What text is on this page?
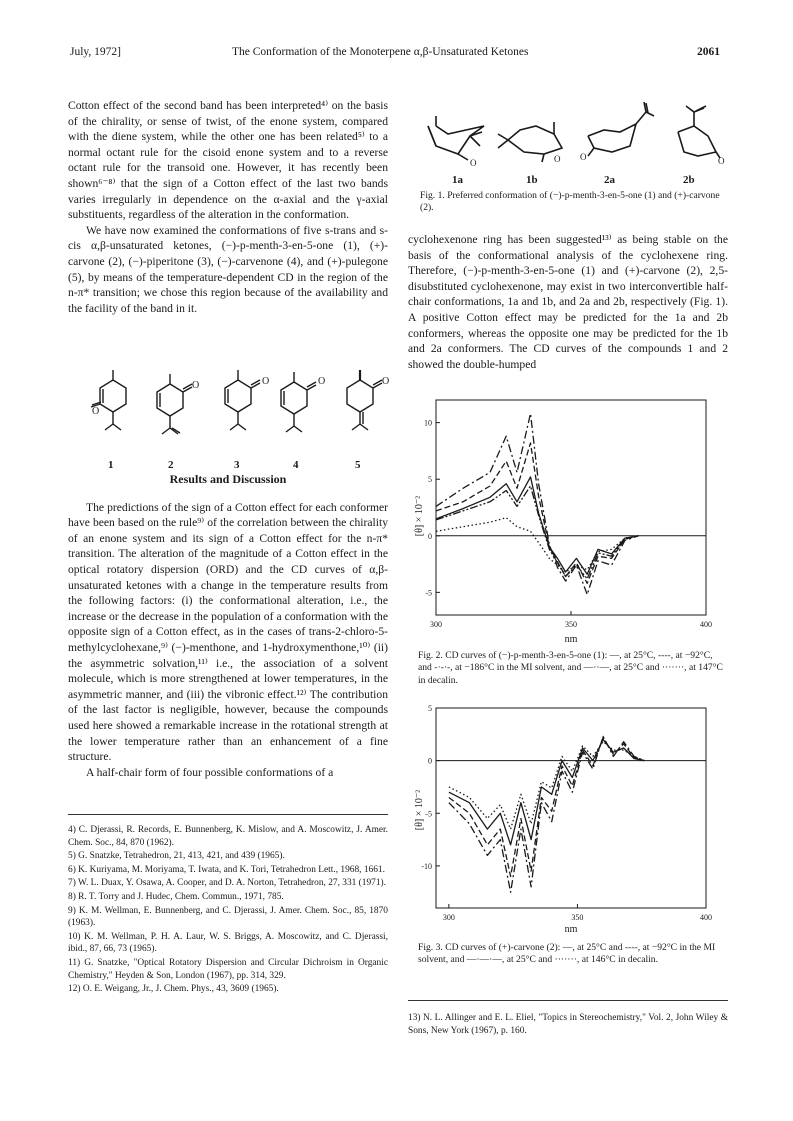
July, 1972]	The Conformation of the Monoterpene α,β-Unsaturated Ketones	2061

Cotton effect of the second band has been interpreted⁴⁾ on the basis of the chirality, or sense of twist, of the enone system, compared with the diene system, while the other one has been related⁵⁾ to a normal octant rule for the cisoid enone system and to a reverse octant rule for the transoid one. However, it has recently been shown⁶⁻⁸⁾ that the sign of a Cotton effect of the last two bands varies irregularly in dependence on the α-axial and the γ-axial substituents, regardless of the alteration in the conformation.

We have now examined the conformations of five s-trans and s-cis α,β-unsaturated ketones, (−)-p-menth-3-en-5-one (1), (+)-carvone (2), (−)-piperitone (3), (−)-carvenone (4), and (+)-pulegone (5), by means of the temperature-dependent CD in the region of the n-π* transition; we chose this region because of the availability and the facility of the band in it.

O
O	O	O	O
1	2	3	4	5

Results and Discussion

The predictions of the sign of a Cotton effect for each conformer have been based on the rule⁹⁾ of the correlation between the chirality of an enone system and its sign of a Cotton effect for the n-π* transition. The alteration of the magnitude of a Cotton effect in the optical rotatory dispersion (ORD) and the CD curves of α,β-unsaturated ketones with a change in the temperature results from the following factors: (i) the conformational alteration, i.e., the increase or the decrease in the population of a conformation with the opposite sign of a Cotton effect, as in the cases of trans-2-chloro-5-methylcyclohexane,⁹⁾ (−)-menthone, and 1-hydroxymenthone,¹⁰⁾ (ii) the asymmetric solvation,¹¹⁾ i.e., the association of a solvent molecule, which is more strengthened at lower temperatures, in the asymmetric manner, and (iii) the vibronic effect.¹²⁾ The contribution of the last factor is negligible, however, because the compounds used here showed a remarkable increase in the rotational strength at the lower temperature rather than an enhancement of a fine structure.

A half-chair form of four possible conformations of a

4) C. Djerassi, R. Records, E. Bunnenberg, K. Mislow, and A. Moscowitz, J. Amer. Chem. Soc., 84, 870 (1962).

5) G. Snatzke, Tetrahedron, 21, 413, 421, and 439 (1965).

6) K. Kuriyama, M. Moriyama, T. Iwata, and K. Tori, Tetrahedron Lett., 1968, 1661.

7) W. L. Duax, Y. Osawa, A. Cooper, and D. A. Norton, Tetrahedron, 27, 331 (1971).

8) R. T. Torry and J. Hudec, Chem. Commun., 1971, 785.

9) K. M. Wellman, E. Bunnenberg, and C. Djerassi, J. Amer. Chem. Soc., 85, 1870 (1963).

10) K. M. Wellman, P. H. A. Laur, W. S. Briggs, A. Moscowitz, and C. Djerassi, ibid., 87, 66, 73 (1965).

11) G. Snatzke, "Optical Rotatory Dispersion and Circular Dichroism in Organic Chemistry," Heyden & Son, London (1967), pp. 314, 329.

12) O. E. Weigang, Jr., J. Chem. Phys., 43, 3609 (1965).

O	O O	O
1a	1b	2a	2b
Fig. 1. Preferred conformation of (−)-p-menth-3-en-5-one (1) and (+)-carvone (2).

cyclohexenone ring has been suggested¹³⁾ as being stable on the basis of the conformational analysis of the cyclohexene ring. Therefore, (−)-p-menth-3-en-5-one (1) and (+)-carvone (2), 2,5-disubstituted cyclohexenone, may exist in two interconvertible half-chair conformations, 1a and 1b, and 2a and 2b, respectively (Fig. 1). A positive Cotton effect may be predicted for the 1a and 2b conformers, whereas the opposite one may be predicted for the 1b and 2a conformers. The CD curves of the compounds 1 and 2 showed the double-humped

-5
0
5
10
300	350	400
[θ] × 10⁻²
nm
Fig. 2. CD curves of (−)-p-menth-3-en-5-one (1): —, at 25°C, ----, at −92°C, and -·-·-, at −186°C in the MI solvent, and —··—, at 25°C and ·······, at 147°C in decalin.
5
0
-5
-10
300	350	400
[θ] × 10⁻²
nm
Fig. 3. CD curves of (+)-carvone (2): —, at 25°C and ----, at −92°C in the MI solvent, and —·—·—, at 25°C and ·······, at 146°C in decalin.

13) N. L. Allinger and E. L. Eliel, "Topics in Stereochemistry," Vol. 2, John Wiley & Sons, New York (1967), p. 160.
